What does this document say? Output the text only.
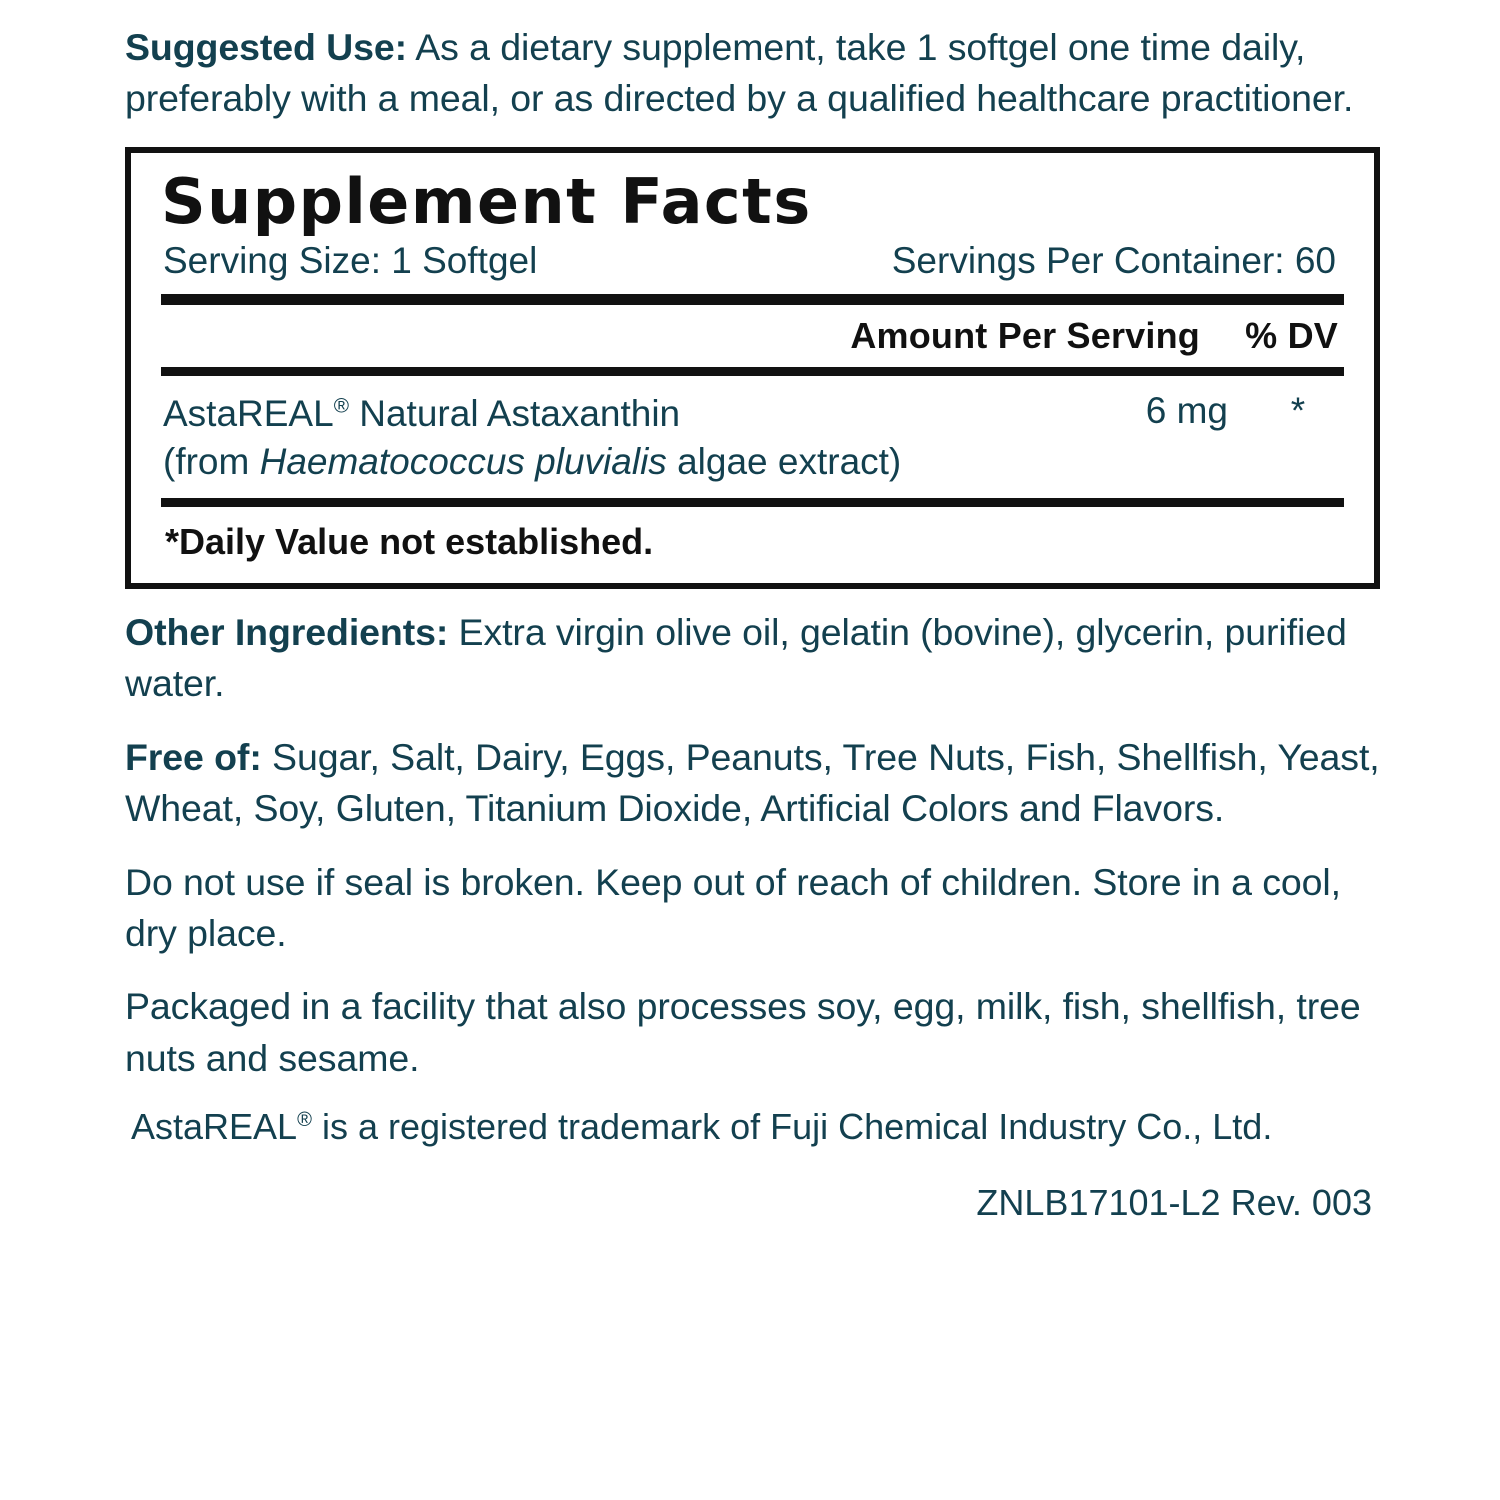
Suggested Use: As a dietary supplement, take 1 softgel one time daily, preferably with a meal, or as directed by a qualified healthcare practitioner.

Supplement Facts
Serving Size: 1 Softgel	Servings Per Container: 60
Amount Per Serving % DV
AstaREAL® Natural Astaxanthin
(from Haematococcus pluvialis algae extract)
6 mg	*
*Daily Value not established.

Other Ingredients: Extra virgin olive oil, gelatin (bovine), glycerin, purified water.

Free of: Sugar, Salt, Dairy, Eggs, Peanuts, Tree Nuts, Fish, Shellfish, Yeast, Wheat, Soy, Gluten, Titanium Dioxide, Artificial Colors and Flavors.

Do not use if seal is broken. Keep out of reach of children. Store in a cool, dry place.

Packaged in a facility that also processes soy, egg, milk, fish, shellfish, tree nuts and sesame.

AstaREAL® is a registered trademark of Fuji Chemical Industry Co., Ltd.

ZNLB17101-L2 Rev. 003
